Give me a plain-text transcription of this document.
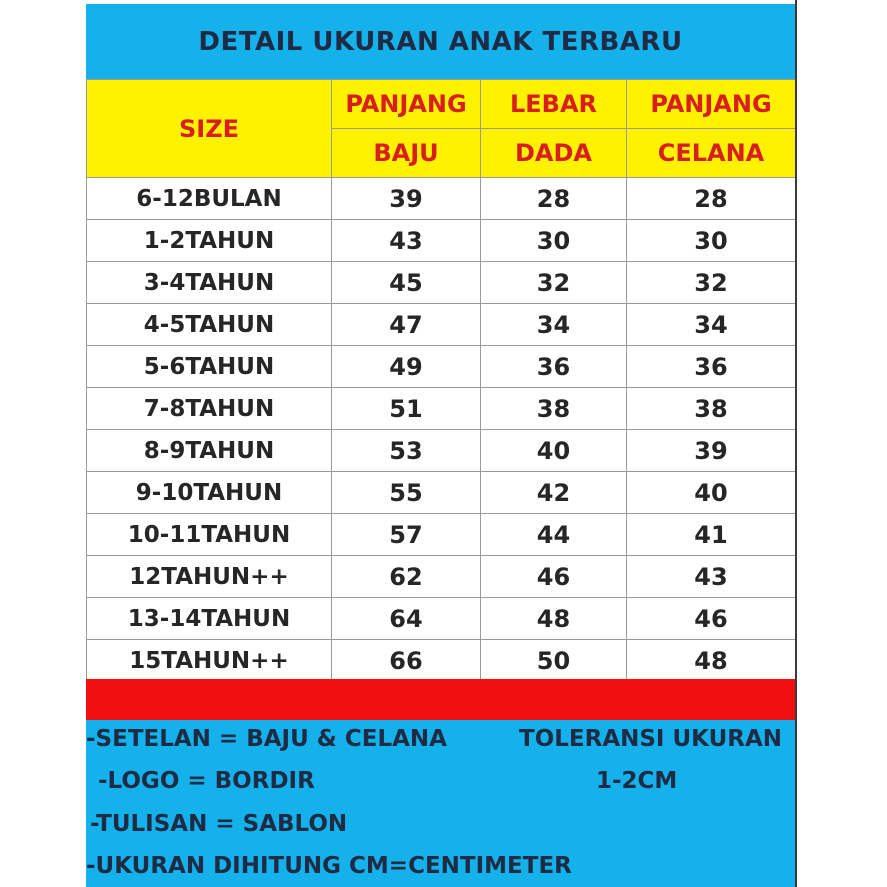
DETAIL UKURAN ANAK TERBARU
SIZE	PANJANG	LEBAR	PANJANG
	BAJU	DADA	CELANA
6-12BULAN	39	28	28
1-2TAHUN	43	30	30
3-4TAHUN	45	32	32
4-5TAHUN	47	34	34
5-6TAHUN	49	36	36
7-8TAHUN	51	38	38
8-9TAHUN	53	40	39
9-10TAHUN	55	42	40
10-11TAHUN	57	44	41
12TAHUN++	62	46	43
13-14TAHUN	64	48	46
15TAHUN++	66	50	48
-SETELAN = BAJU & CELANA
-LOGO = BORDIR
-TULISAN = SABLON
-UKURAN DIHITUNG CM=CENTIMETER
TOLERANSI UKURAN
1-2CM
